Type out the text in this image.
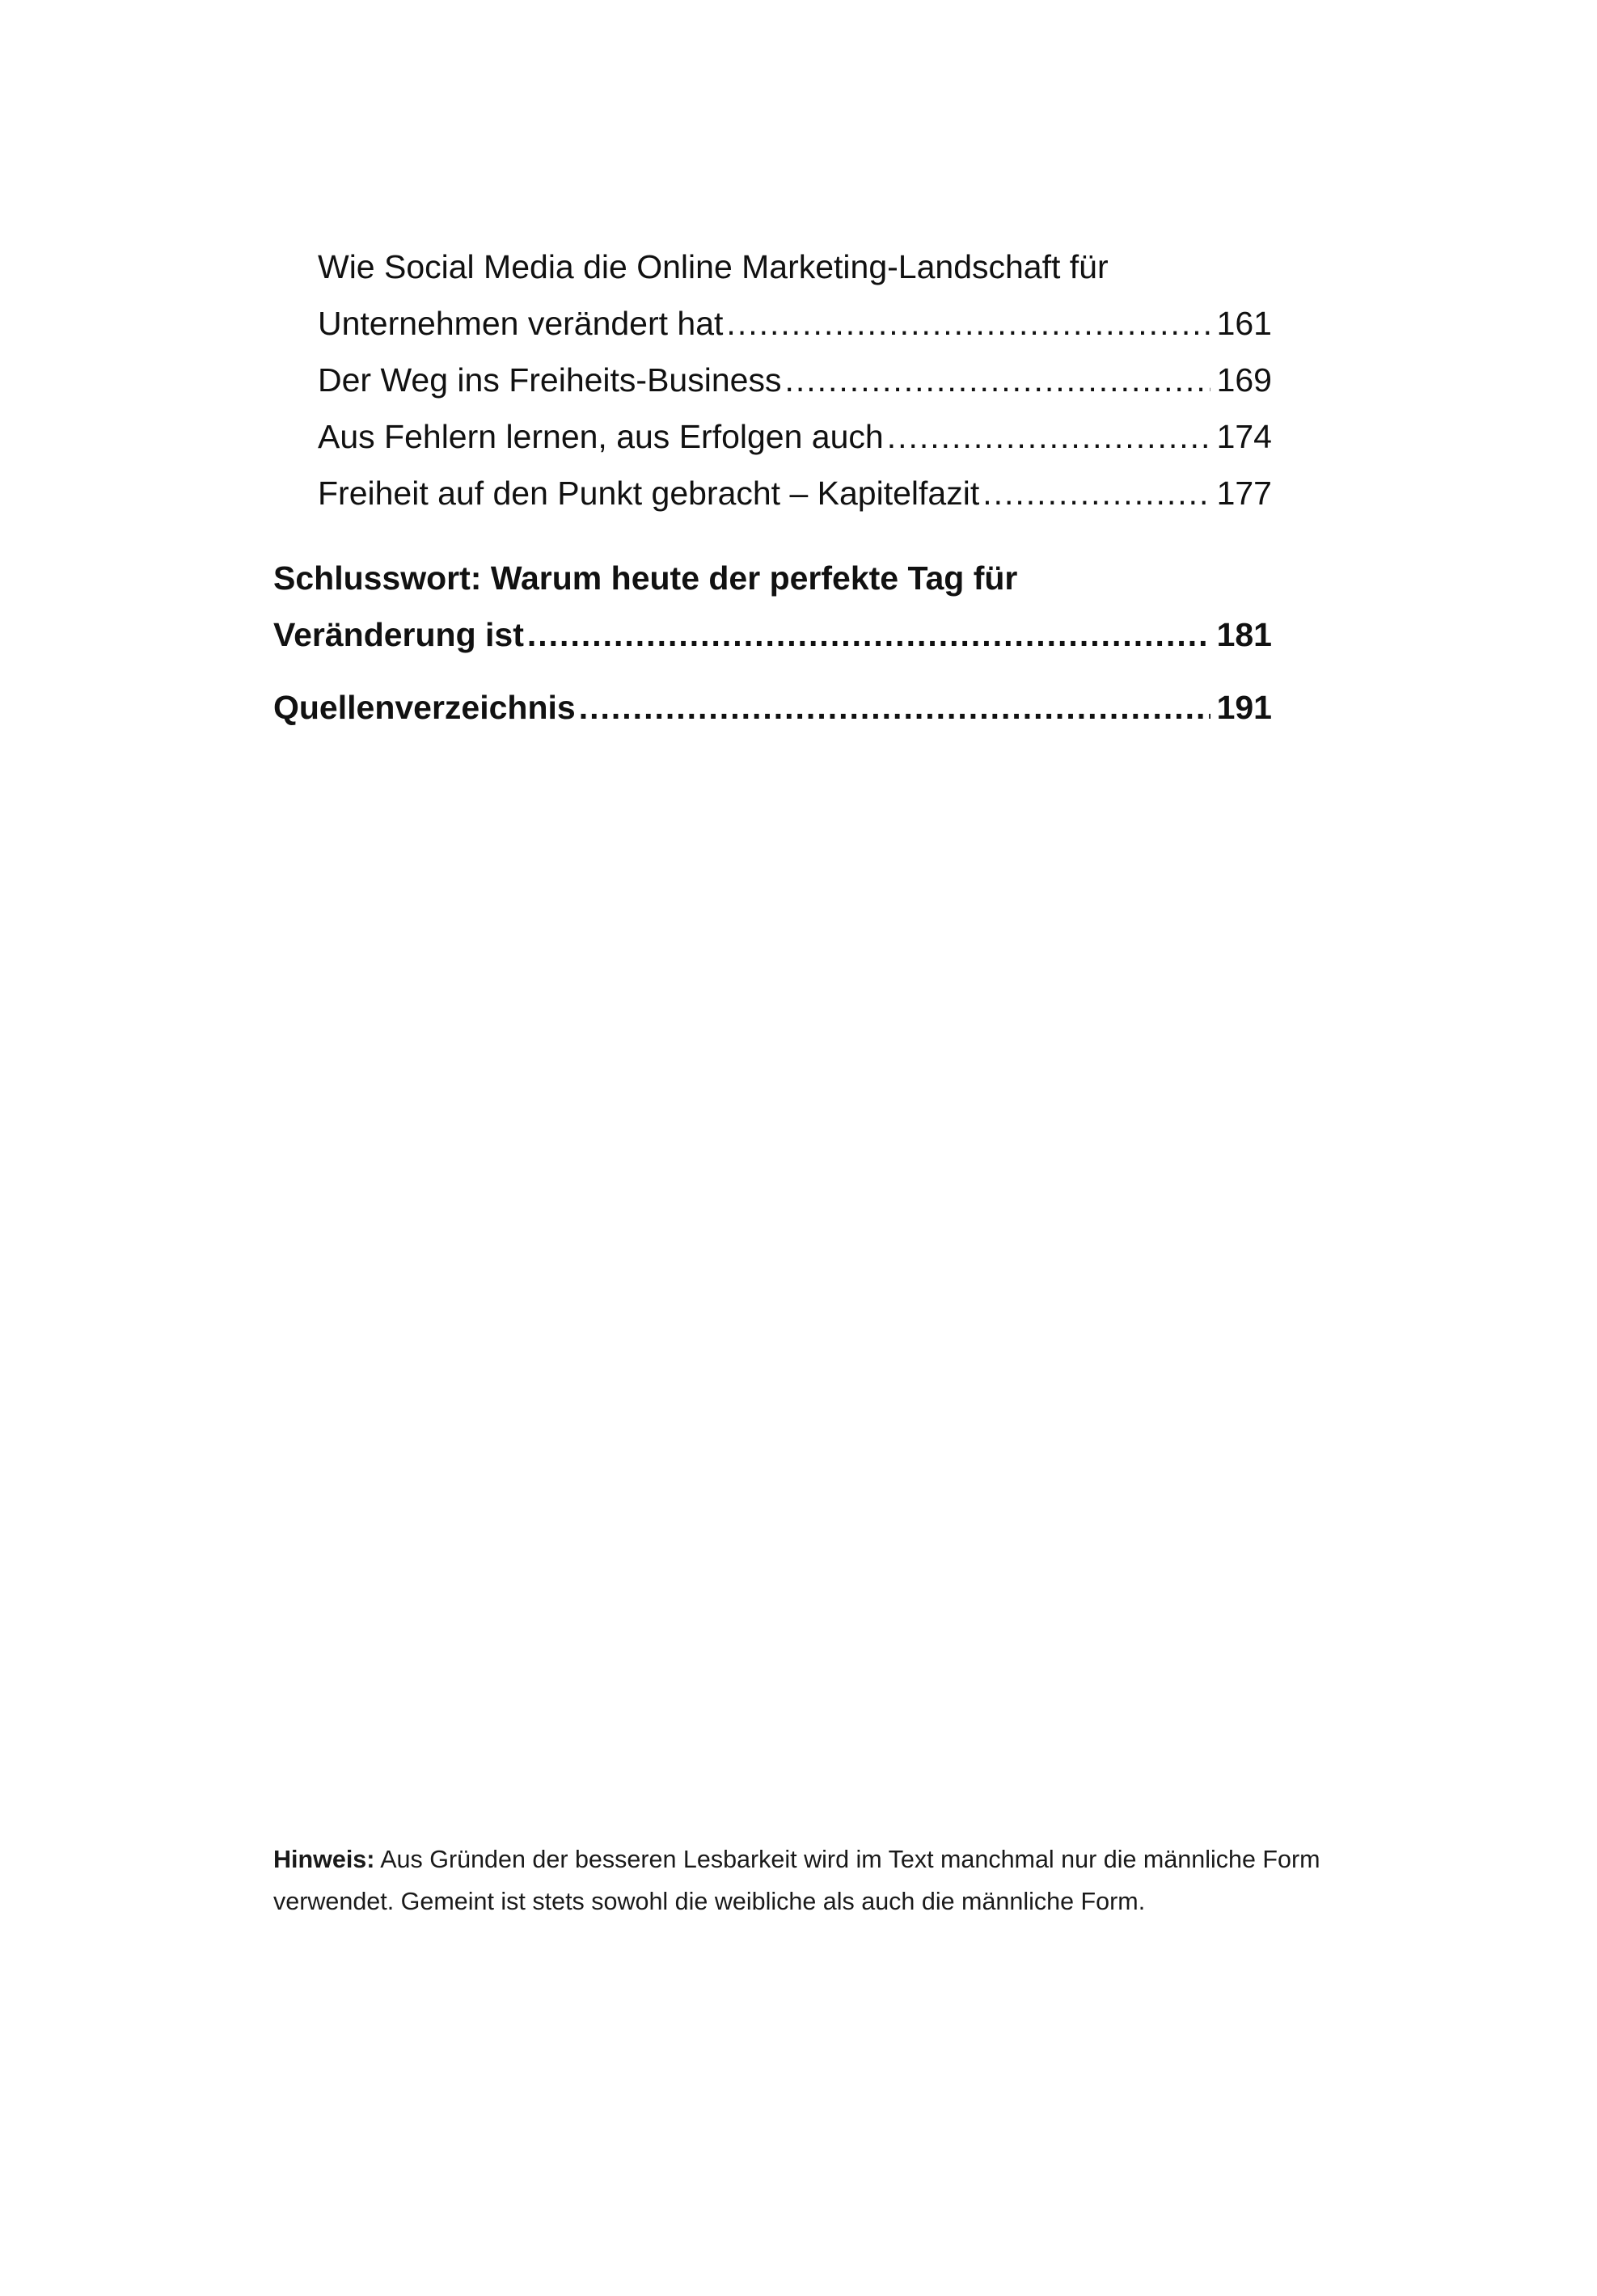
Wie Social Media die Online Marketing-Landschaft für
Unternehmen verändert hat .....	161
Der Weg ins Freiheits-Business .....	169
Aus Fehlern lernen, aus Erfolgen auch .....	174
Freiheit auf den Punkt gebracht – Kapitelfazit .....	177
Schlusswort: Warum heute der perfekte Tag für
Veränderung ist .....	181
Quellenverzeichnis .....	191

Hinweis: Aus Gründen der besseren Lesbarkeit wird im Text manchmal nur die männliche Form verwendet. Gemeint ist stets sowohl die weibliche als auch die männliche Form.
